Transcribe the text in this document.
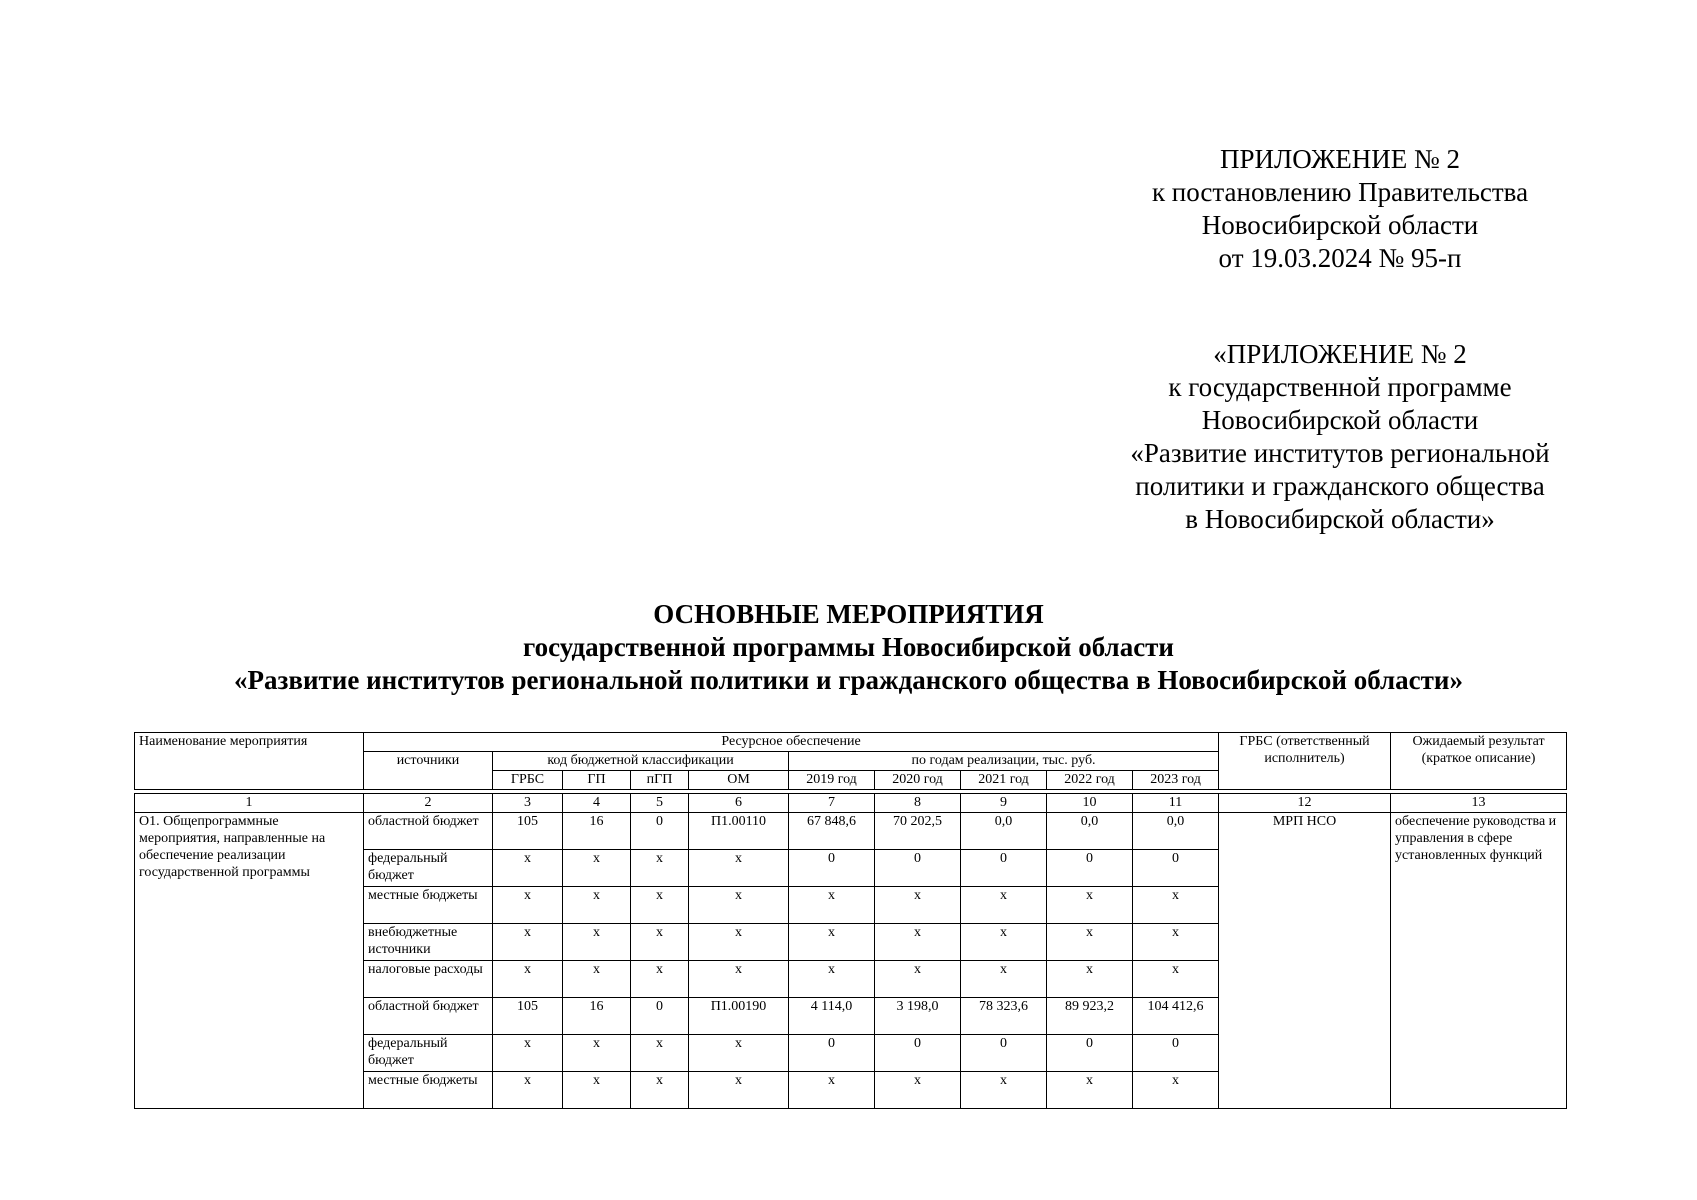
ПРИЛОЖЕНИЕ № 2
к постановлению Правительства
Новосибирской области
от 19.03.2024 № 95-п
«ПРИЛОЖЕНИЕ № 2
к государственной программе
Новосибирской области
«Развитие институтов региональной
политики и гражданского общества
в Новосибирской области»
ОСНОВНЫЕ МЕРОПРИЯТИЯ
государственной программы Новосибирской области
«Развитие институтов региональной политики и гражданского общества в Новосибирской области»
Наименование мероприятия	Ресурсное обеспечение										ГРБС (ответственный исполнитель)	Ожидаемый результат (краткое описание)
	источники	код бюджетной классификации				по годам реализации, тыс. руб.						
		ГРБС	ГП	пГП	ОМ	2019 год	2020 год	2021 год	2022 год	2023 год		

1	2	3	4	5	6	7	8	9	10	11	12	13
О1. Общепрограммные мероприятия, направленные на обеспечение реализации государственной программы	областной бюджет	105	16	0	П1.00110	67 848,6	70 202,5	0,0	0,0	0,0	МРП НСО	обеспечение руководства и управления в сфере установленных функций
	федеральный бюджет	х	х	х	х	0	0	0	0	0		
	местные бюджеты	х	х	х	х	х	х	х	х	х		
	внебюджетные источники	х	х	х	х	х	х	х	х	х		
	налоговые расходы	х	х	х	х	х	х	х	х	х		
	областной бюджет	105	16	0	П1.00190	4 114,0	3 198,0	78 323,6	89 923,2	104 412,6		
	федеральный бюджет	х	х	х	х	0	0	0	0	0		
	местные бюджеты	х	х	х	х	х	х	х	х	х		
